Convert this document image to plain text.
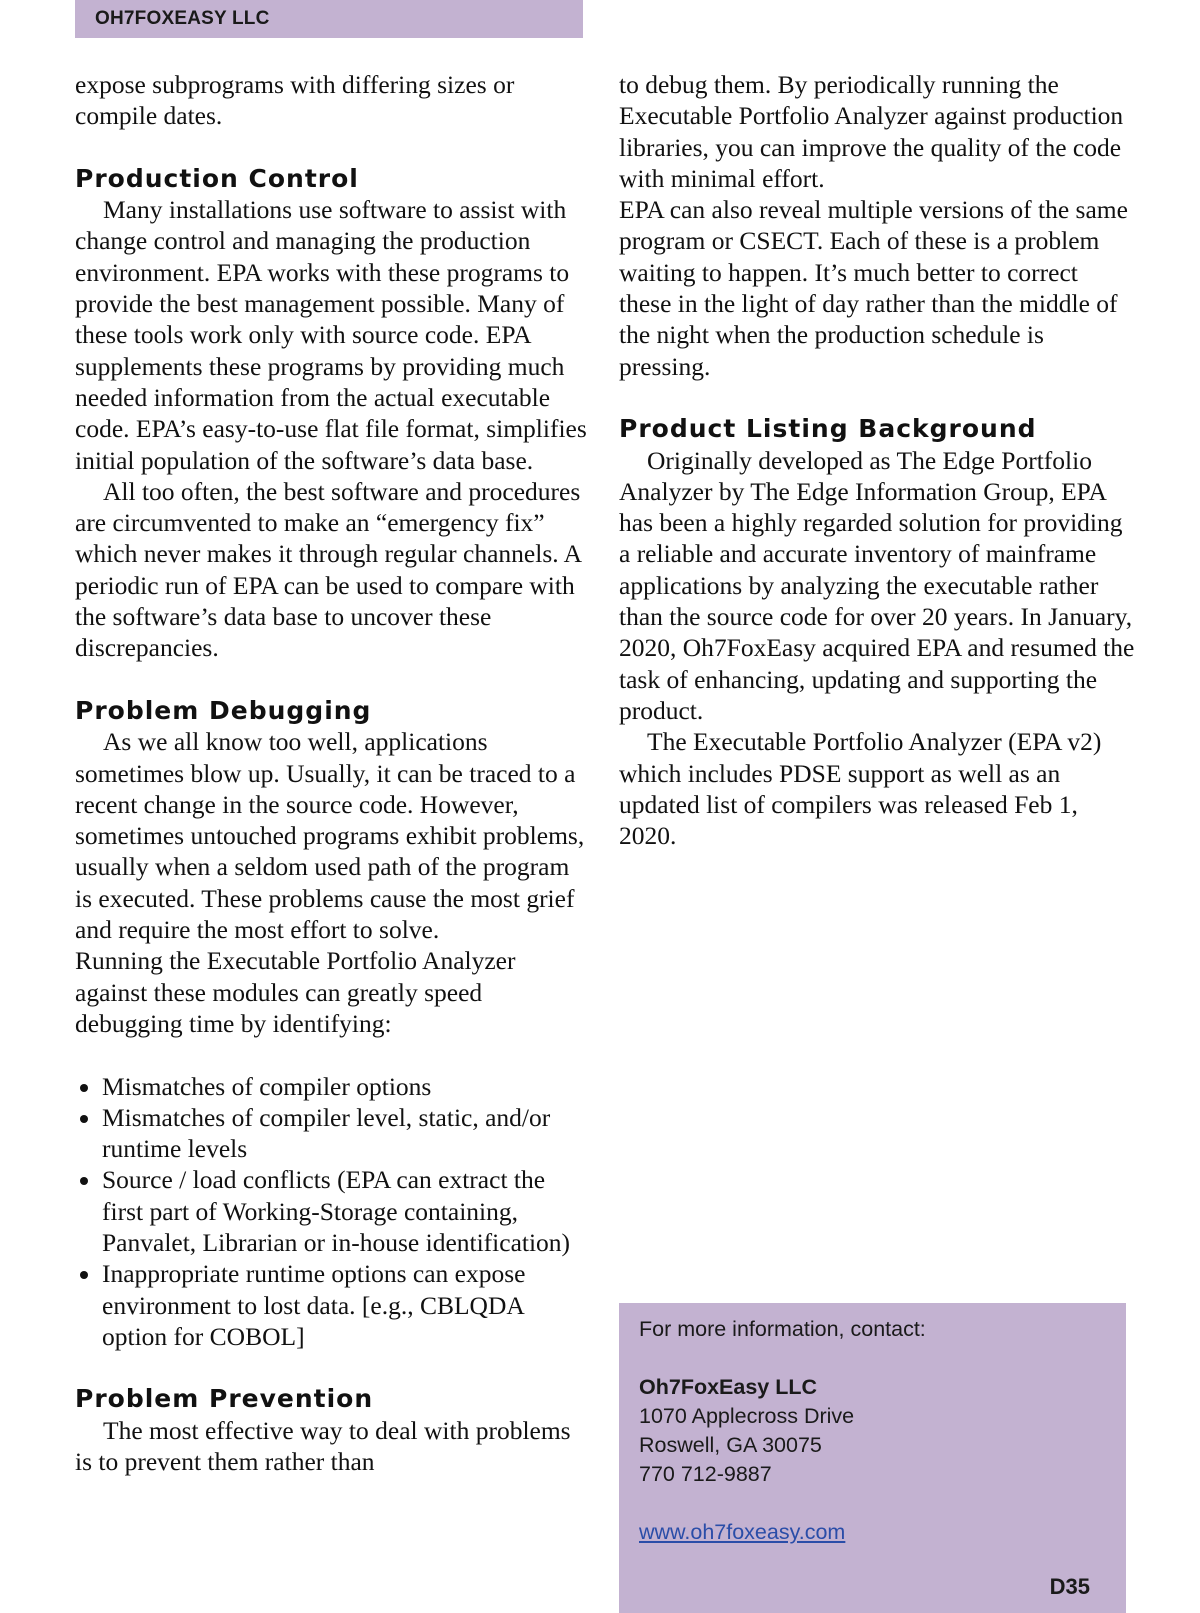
OH7FOXEASY LLC

expose subprograms with differing sizes or compile dates.

Production Control

Many installations use software to assist with change control and managing the production environment. EPA works with these programs to provide the best management possible. Many of these tools work only with source code. EPA supplements these programs by providing much needed information from the actual executable code. EPA’s easy-to-use flat file format, simplifies initial population of the software’s data base.

All too often, the best software and procedures are circumvented to make an “emergency fix” which never makes it through regular channels. A periodic run of EPA can be used to compare with the software’s data base to uncover these discrepancies.

Problem Debugging

As we all know too well, applications sometimes blow up. Usually, it can be traced to a recent change in the source code. However, sometimes untouched programs exhibit problems, usually when a seldom used path of the program is executed. These problems cause the most grief and require the most effort to solve.

Running the Executable Portfolio Analyzer against these modules can greatly speed debugging time by identifying:

• Mismatches of compiler options
• Mismatches of compiler level, static, and/or runtime levels
• Source / load conflicts (EPA can extract the first part of Working-Storage containing, Panvalet, Librarian or in-house identification)
• Inappropriate runtime options can expose environment to lost data. [e.g., CBLQDA option for COBOL]
Problem Prevention

The most effective way to deal with problems is to prevent them rather than

to debug them. By periodically running the Executable Portfolio Analyzer against production libraries, you can improve the quality of the code with minimal effort.

EPA can also reveal multiple versions of the same program or CSECT. Each of these is a problem waiting to happen. It’s much better to correct these in the light of day rather than the middle of the night when the production schedule is pressing.

Product Listing Background

Originally developed as The Edge Portfolio Analyzer by The Edge Information Group, EPA has been a highly regarded solution for providing a reliable and accurate inventory of mainframe applications by analyzing the executable rather than the source code for over 20 years. In January, 2020, Oh7FoxEasy acquired EPA and resumed the task of enhancing, updating and supporting the product.

The Executable Portfolio Analyzer (EPA v2) which includes PDSE support as well as an updated list of compilers was released Feb 1, 2020.

For more information, contact:
Oh7FoxEasy LLC
1070 Applecross Drive
Roswell, GA 30075
770 712-9887
www.oh7foxeasy.com
D35
